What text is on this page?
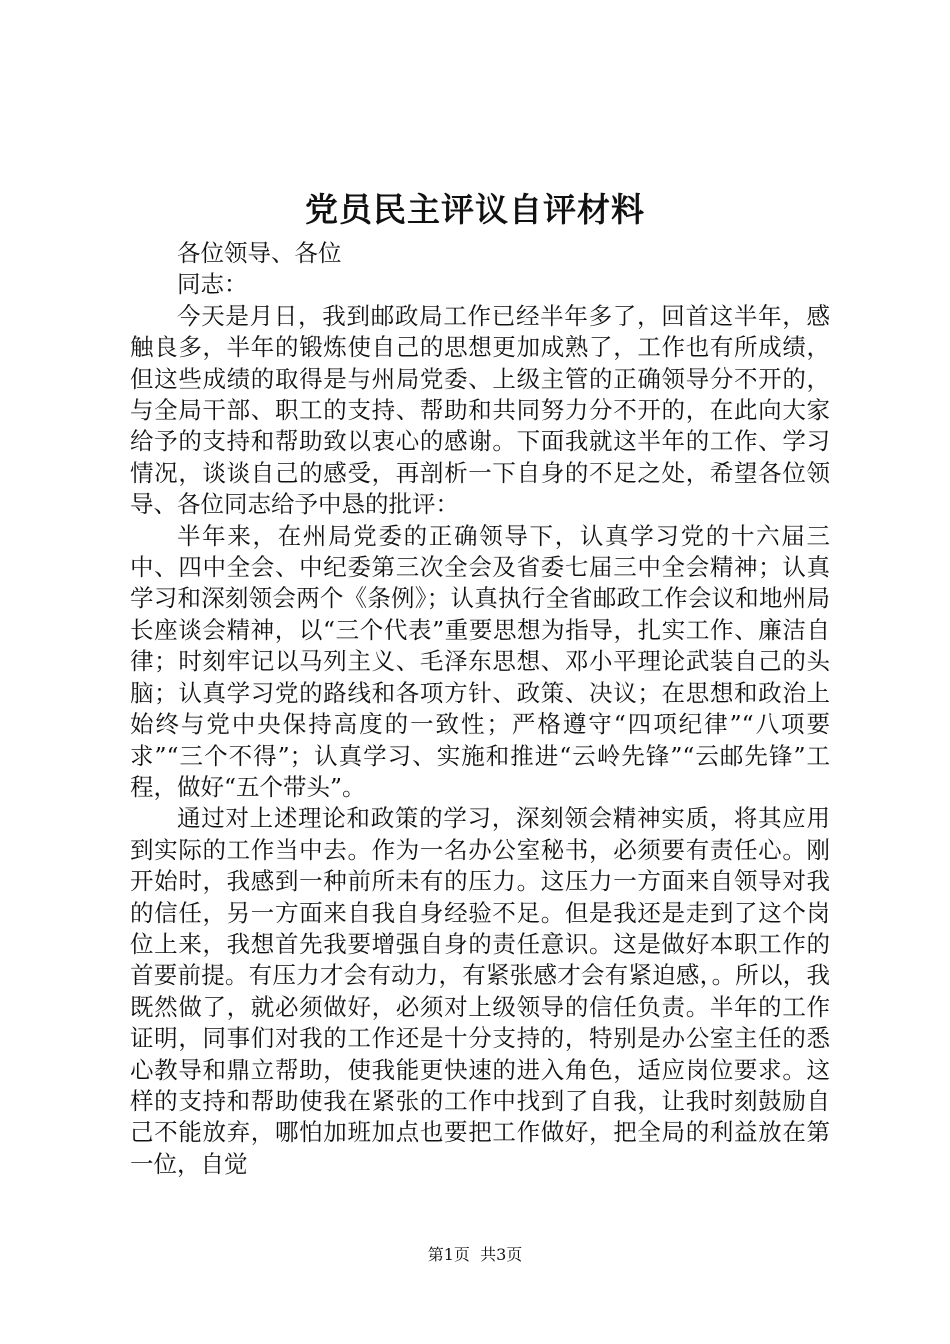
党员民主评议自评材料

各位领导、各位

同志：

今天是月日，我到邮政局工作已经半年多了，回首这半年，感触良多，半年的锻炼使自己的思想更加成熟了，工作也有所成绩，但这些成绩的取得是与州局党委、上级主管的正确领导分不开的，与全局干部、职工的支持、帮助和共同努力分不开的，在此向大家给予的支持和帮助致以衷心的感谢。下面我就这半年的工作、学习情况，谈谈自己的感受，再剖析一下自身的不足之处，希望各位领导、各位同志给予中恳的批评：

半年来，在州局党委的正确领导下，认真学习党的十六届三中、四中全会、中纪委第三次全会及省委七届三中全会精神；认真学习和深刻领会两个《条例》；认真执行全省邮政工作会议和地州局长座谈会精神，以“三个代表”重要思想为指导，扎实工作、廉洁自律；时刻牢记以马列主义、毛泽东思想、邓小平理论武装自己的头脑；认真学习党的路线和各项方针、政策、决议；在思想和政治上始终与党中央保持高度的一致性；严格遵守“四项纪律”“八项要求”“三个不得”；认真学习、实施和推进“云岭先锋”“云邮先锋”工程，做好“五个带头”。

通过对上述理论和政策的学习，深刻领会精神实质，将其应用到实际的工作当中去。作为一名办公室秘书，必须要有责任心。刚开始时，我感到一种前所未有的压力。这压力一方面来自领导对我的信任，另一方面来自我自身经验不足。但是我还是走到了这个岗位上来，我想首先我要增强自身的责任意识。这是做好本职工作的首要前提。有压力才会有动力，有紧张感才会有紧迫感，。所以，我既然做了，就必须做好，必须对上级领导的信任负责。半年的工作证明，同事们对我的工作还是十分支持的，特别是办公室主任的悉心教导和鼎立帮助，使我能更快速的进入角色，适应岗位要求。这样的支持和帮助使我在紧张的工作中找到了自我，让我时刻鼓励自己不能放弃，哪怕加班加点也要把工作做好，把全局的利益放在第一位，自觉

第1页 共3页
